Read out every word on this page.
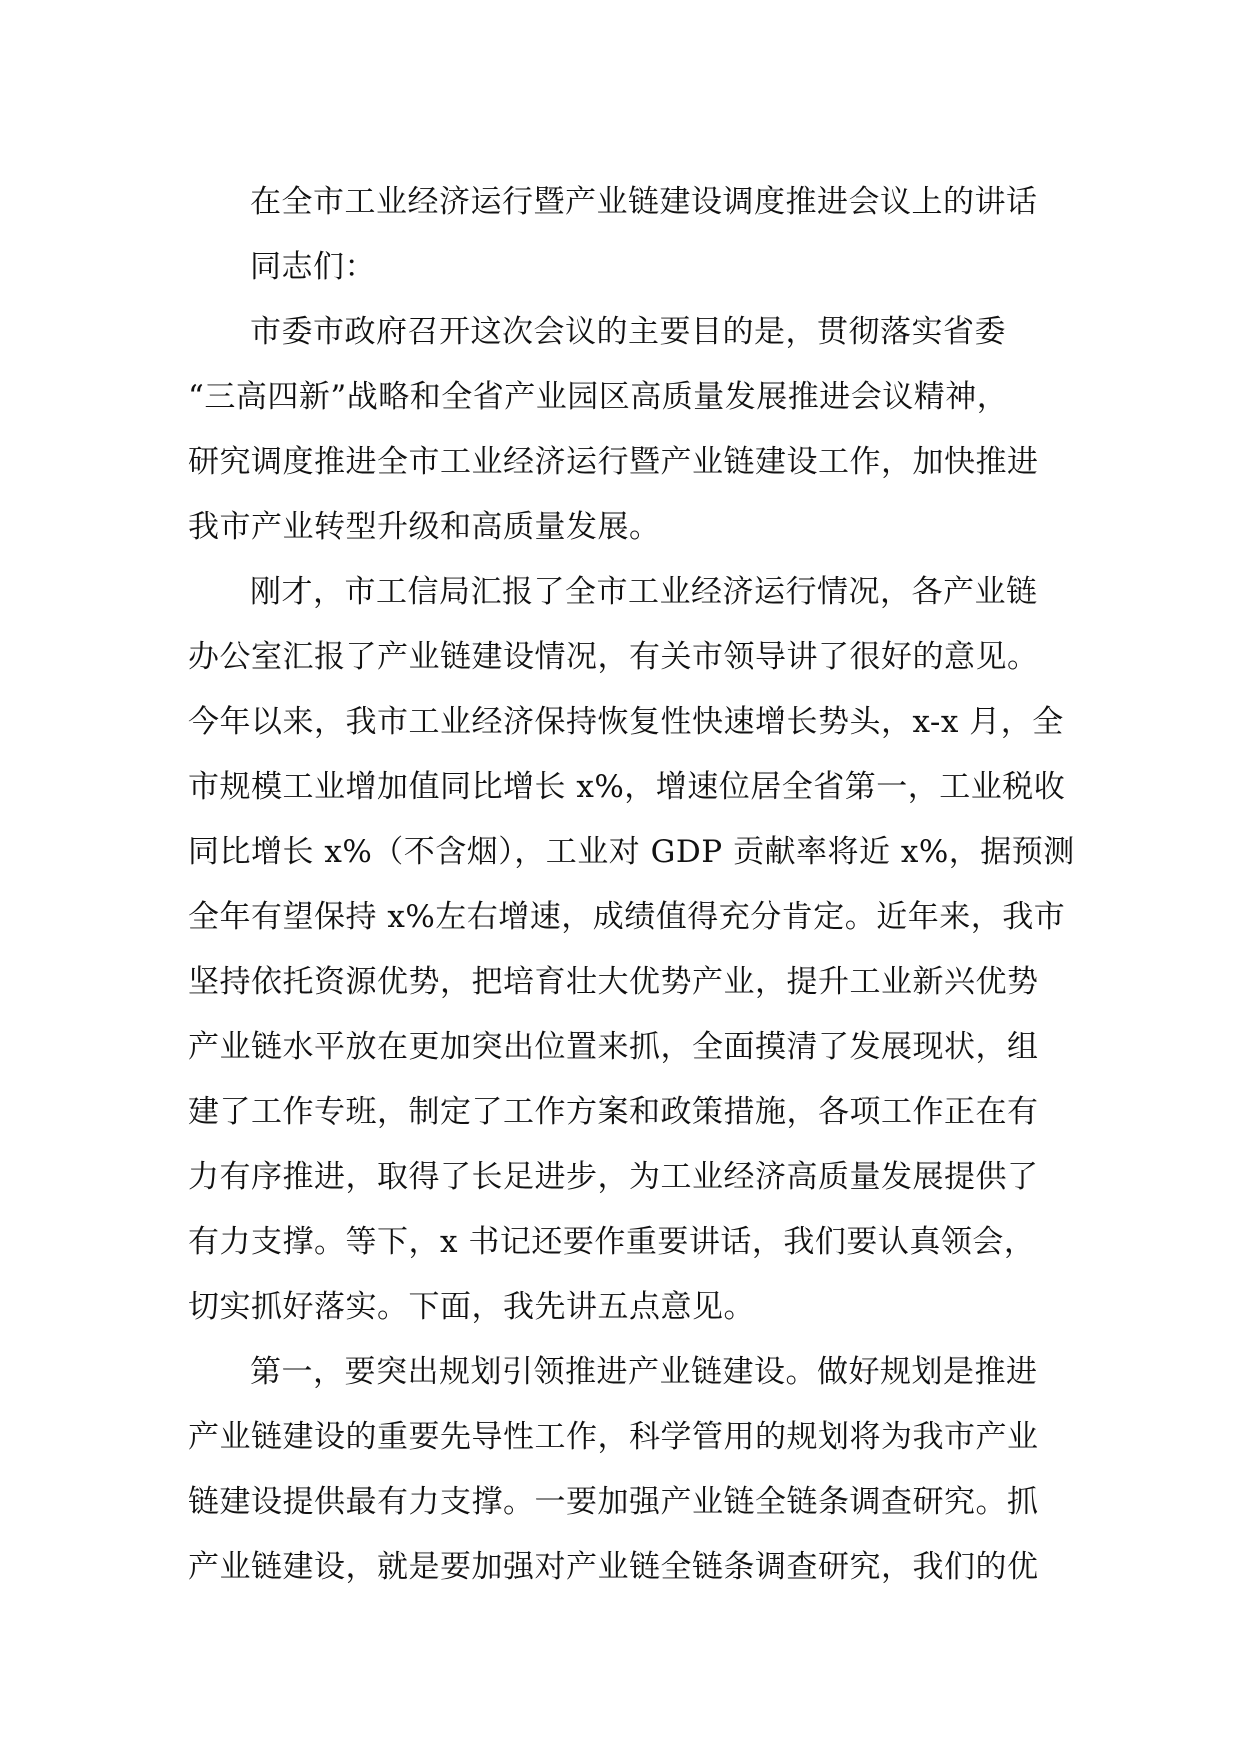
在全市工业经济运行暨产业链建设调度推进会议上的讲话
同志们：
市委市政府召开这次会议的主要目的是，贯彻落实省委
“三高四新”战略和全省产业园区高质量发展推进会议精神，
研究调度推进全市工业经济运行暨产业链建设工作，加快推进
我市产业转型升级和高质量发展。
刚才，市工信局汇报了全市工业经济运行情况，各产业链
办公室汇报了产业链建设情况，有关市领导讲了很好的意见。
今年以来，我市工业经济保持恢复性快速增长势头，x-x 月，全
市规模工业增加值同比增长 x%，增速位居全省第一，工业税收
同比增长 x%（不含烟），工业对 GDP 贡献率将近 x%，据预测
全年有望保持 x%左右增速，成绩值得充分肯定。近年来，我市
坚持依托资源优势，把培育壮大优势产业，提升工业新兴优势
产业链水平放在更加突出位置来抓，全面摸清了发展现状，组
建了工作专班，制定了工作方案和政策措施，各项工作正在有
力有序推进，取得了长足进步，为工业经济高质量发展提供了
有力支撑。等下，x 书记还要作重要讲话，我们要认真领会，
切实抓好落实。下面，我先讲五点意见。
第一，要突出规划引领推进产业链建设。做好规划是推进
产业链建设的重要先导性工作，科学管用的规划将为我市产业
链建设提供最有力支撑。一要加强产业链全链条调查研究。抓
产业链建设，就是要加强对产业链全链条调查研究，我们的优
